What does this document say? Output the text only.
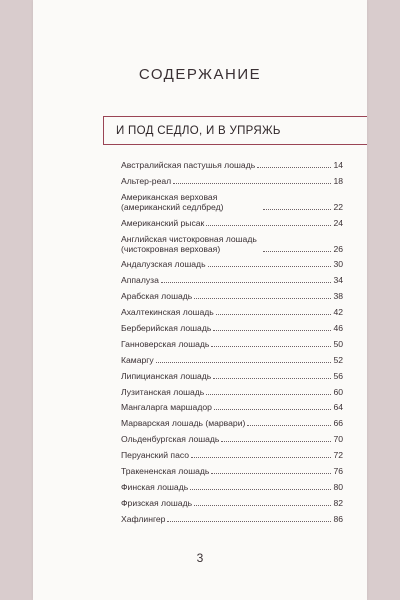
СОДЕРЖАНИЕ
И ПОД СЕДЛО, И В УПРЯЖЬ
Австралийская пастушья лошадь	14
Альтер-реал	18
Американская верховая (американский седлбред)	22
Американский рысак	24
Английская чистокровная лошадь (чистокровная верховая)	26
Андалузская лошадь	30
Аппалуза	34
Арабская лошадь	38
Ахалтекинская лошадь	42
Берберийская лошадь	46
Ганноверская лошадь	50
Камаргу	52
Липицианская лошадь	56
Лузитанская лошадь	60
Мангаларга маршадор	64
Марварская лошадь (марвари)	66
Ольденбургская лошадь	70
Перуанский пасо	72
Тракененская лошадь	76
Финская лошадь	80
Фризская лошадь	82
Хафлингер	86
3
